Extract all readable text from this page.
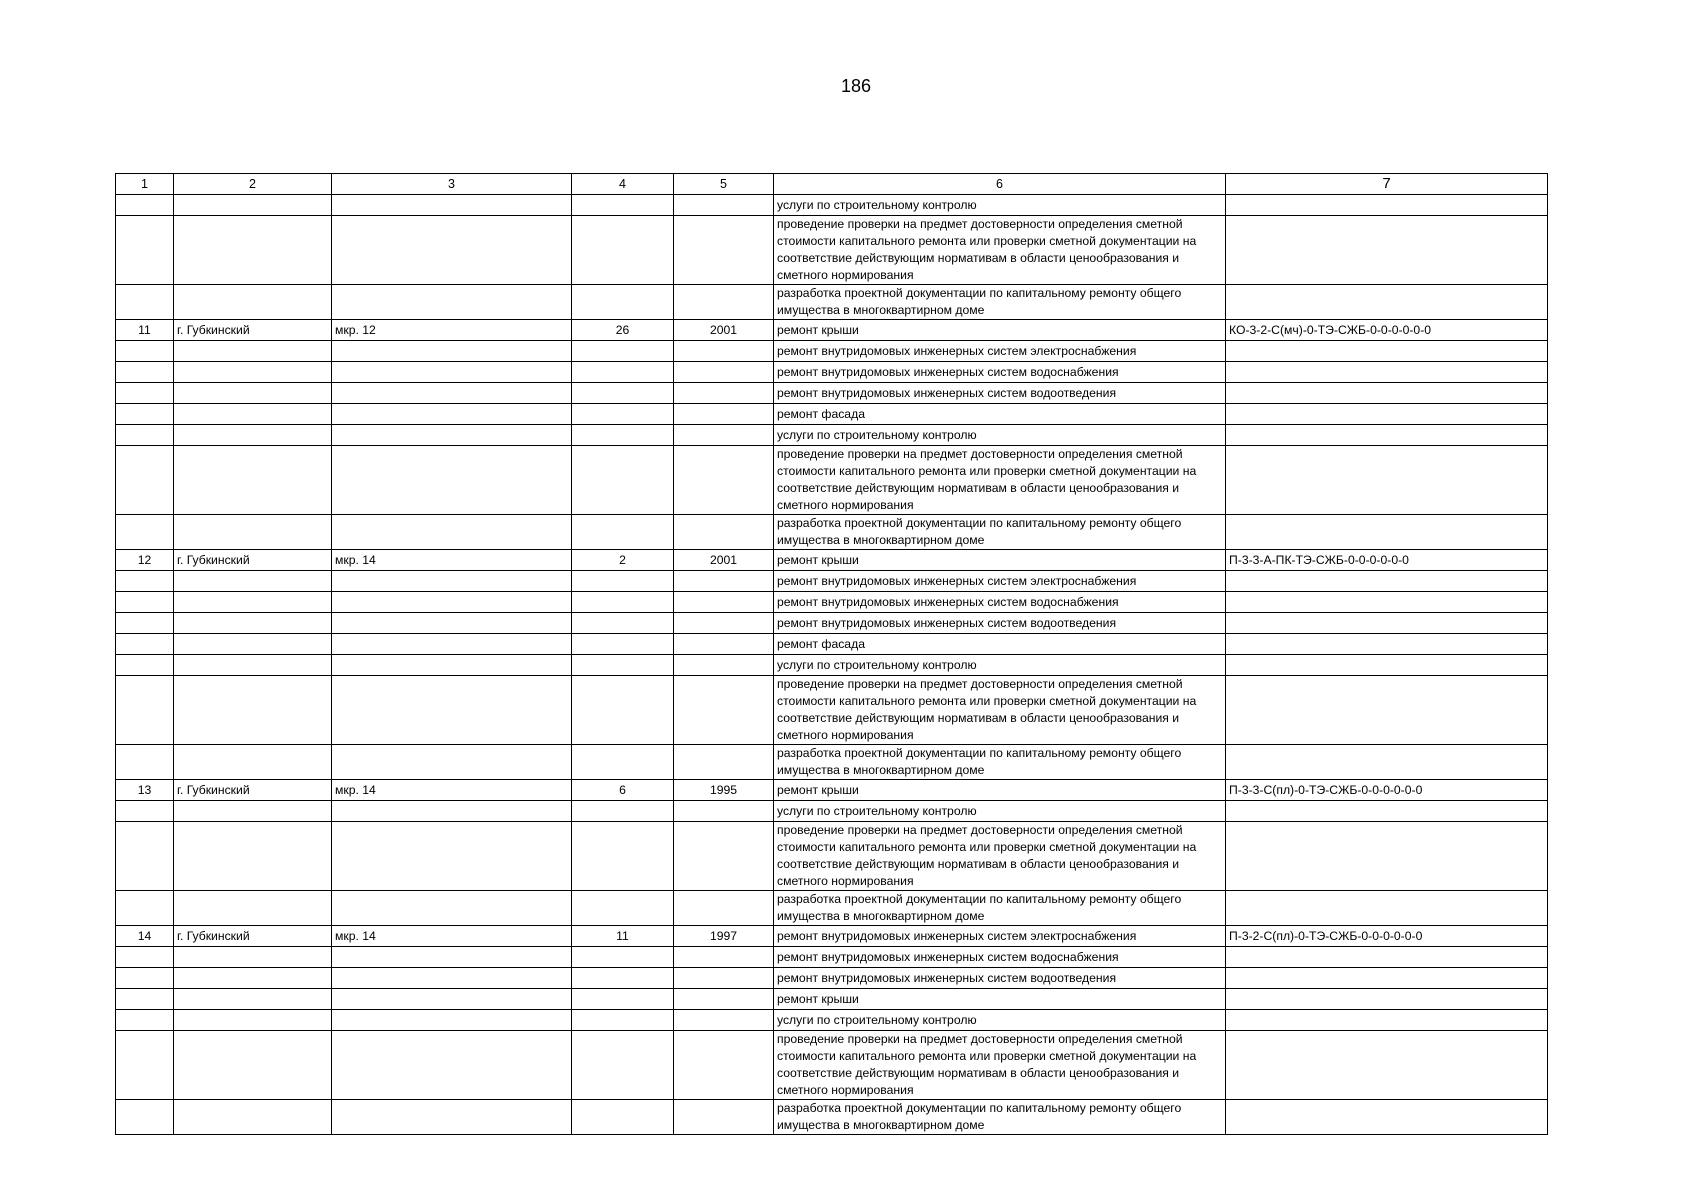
186
1	2	3	4	5	6	7
					услуги по строительному контролю	
					проведение проверки на предмет достоверности определения сметной стоимости капитального ремонта или проверки сметной документации на соответствие действующим нормативам в области ценообразования и сметного нормирования	
					разработка проектной документации по капитальному ремонту общего имущества в многоквартирном доме	
11	г. Губкинский	мкр. 12	26	2001	ремонт крыши	КО-3-2-С(мч)-0-ТЭ-СЖБ-0-0-0-0-0-0
					ремонт внутридомовых инженерных систем электроснабжения	
					ремонт внутридомовых инженерных систем водоснабжения	
					ремонт внутридомовых инженерных систем водоотведения	
					ремонт фасада	
					услуги по строительному контролю	
					проведение проверки на предмет достоверности определения сметной стоимости капитального ремонта или проверки сметной документации на соответствие действующим нормативам в области ценообразования и сметного нормирования	
					разработка проектной документации по капитальному ремонту общего имущества в многоквартирном доме	
12	г. Губкинский	мкр. 14	2	2001	ремонт крыши	П-3-3-А-ПК-ТЭ-СЖБ-0-0-0-0-0-0
					ремонт внутридомовых инженерных систем электроснабжения	
					ремонт внутридомовых инженерных систем водоснабжения	
					ремонт внутридомовых инженерных систем водоотведения	
					ремонт фасада	
					услуги по строительному контролю	
					проведение проверки на предмет достоверности определения сметной стоимости капитального ремонта или проверки сметной документации на соответствие действующим нормативам в области ценообразования и сметного нормирования	
					разработка проектной документации по капитальному ремонту общего имущества в многоквартирном доме	
13	г. Губкинский	мкр. 14	6	1995	ремонт крыши	П-3-3-С(пл)-0-ТЭ-СЖБ-0-0-0-0-0-0
					услуги по строительному контролю	
					проведение проверки на предмет достоверности определения сметной стоимости капитального ремонта или проверки сметной документации на соответствие действующим нормативам в области ценообразования и сметного нормирования	
					разработка проектной документации по капитальному ремонту общего имущества в многоквартирном доме	
14	г. Губкинский	мкр. 14	11	1997	ремонт внутридомовых инженерных систем электроснабжения	П-3-2-С(пл)-0-ТЭ-СЖБ-0-0-0-0-0-0
					ремонт внутридомовых инженерных систем водоснабжения	
					ремонт внутридомовых инженерных систем водоотведения	
					ремонт крыши	
					услуги по строительному контролю	
					проведение проверки на предмет достоверности определения сметной стоимости капитального ремонта или проверки сметной документации на соответствие действующим нормативам в области ценообразования и сметного нормирования	
					разработка проектной документации по капитальному ремонту общего имущества в многоквартирном доме	
